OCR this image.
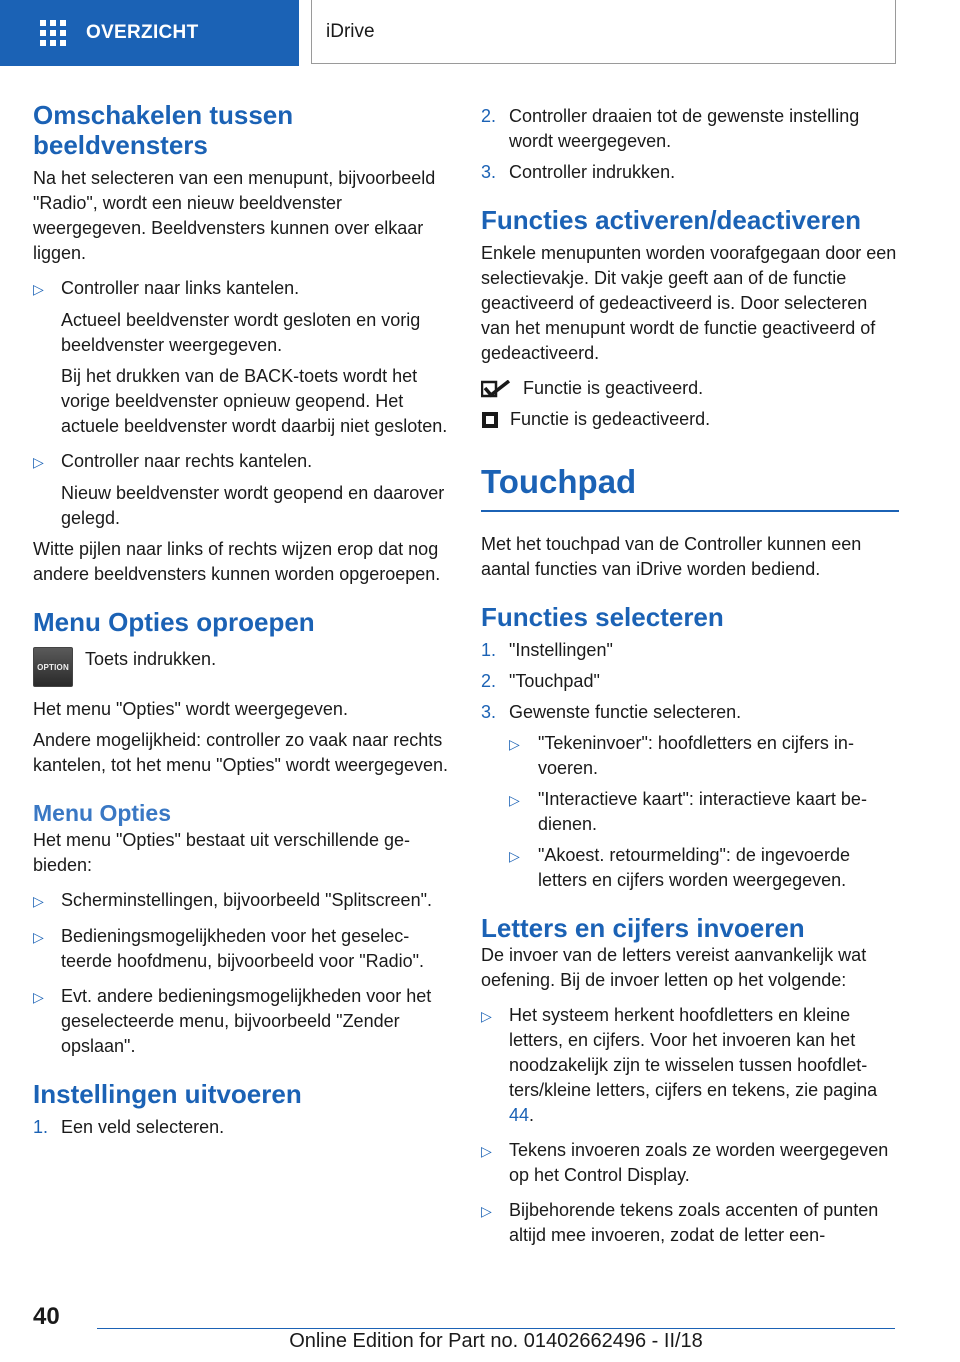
OVERZICHT	iDrive
Omschakelen tussen beeldvensters

Na het selecteren van een menupunt, bijvoorbeeld "Radio", wordt een nieuw beeldvenster weergegeven. Beeldvensters kunnen over elkaar liggen.

▷ Controller naar links kantelen.

Actueel beeldvenster wordt gesloten en vorig beeldvenster weergegeven.

Bij het drukken van de BACK-toets wordt het vorige beeldvenster opnieuw geopend. Het actuele beeldvenster wordt daarbij niet gesloten.

▷ Controller naar rechts kantelen.

Nieuw beeldvenster wordt geopend en daarover gelegd.

Witte pijlen naar links of rechts wijzen erop dat nog andere beeldvensters kunnen worden opgeroepen.

Menu Opties oproepen
OPTION Toets indrukken.

Het menu "Opties" wordt weergegeven.

Andere mogelijkheid: controller zo vaak naar rechts kantelen, tot het menu "Opties" wordt weergegeven.

Menu Opties

Het menu "Opties" bestaat uit verschillende gebieden:

▷ Scherminstellingen, bijvoorbeeld "Splitscreen".
▷ Bedieningsmogelijkheden voor het geselecteerde hoofdmenu, bijvoorbeeld voor "Radio".
▷ Evt. andere bedieningsmogelijkheden voor het geselecteerde menu, bijvoorbeeld "Zender opslaan".
Instellingen uitvoeren
1. Een veld selecteren.
2. Controller draaien tot de gewenste instelling wordt weergegeven.
3. Controller indrukken.
Functies activeren/deactiveren

Enkele menupunten worden voorafgegaan door een selectievakje. Dit vakje geeft aan of de functie geactiveerd of gedeactiveerd is. Door selecteren van het menupunt wordt de functie geactiveerd of gedeactiveerd.

Functie is geactiveerd.
Functie is gedeactiveerd.
Touchpad

Met het touchpad van de Controller kunnen een aantal functies van iDrive worden bediend.

Functies selecteren
1. "Instellingen"
2. "Touchpad"
3. Gewenste functie selecteren.
▷	"Tekeninvoer": hoofdletters en cijfers invoeren.
▷	"Interactieve kaart": interactieve kaart bedienen.
▷	"Akoest. retourmelding": de ingevoerde letters en cijfers worden weergegeven.
Letters en cijfers invoeren

De invoer van de letters vereist aanvankelijk wat oefening. Bij de invoer letten op het volgende:

▷ Het systeem herkent hoofdletters en kleine letters, en cijfers. Voor het invoeren kan het noodzakelijk zijn te wisselen tussen hoofdletters/kleine letters, cijfers en tekens, zie pagina 44.
▷ Tekens invoeren zoals ze worden weergegeven op het Control Display.
▷ Bijbehorende tekens zoals accenten of punten altijd mee invoeren, zodat de letter een-
40
Online Edition for Part no. 01402662496 - II/18
